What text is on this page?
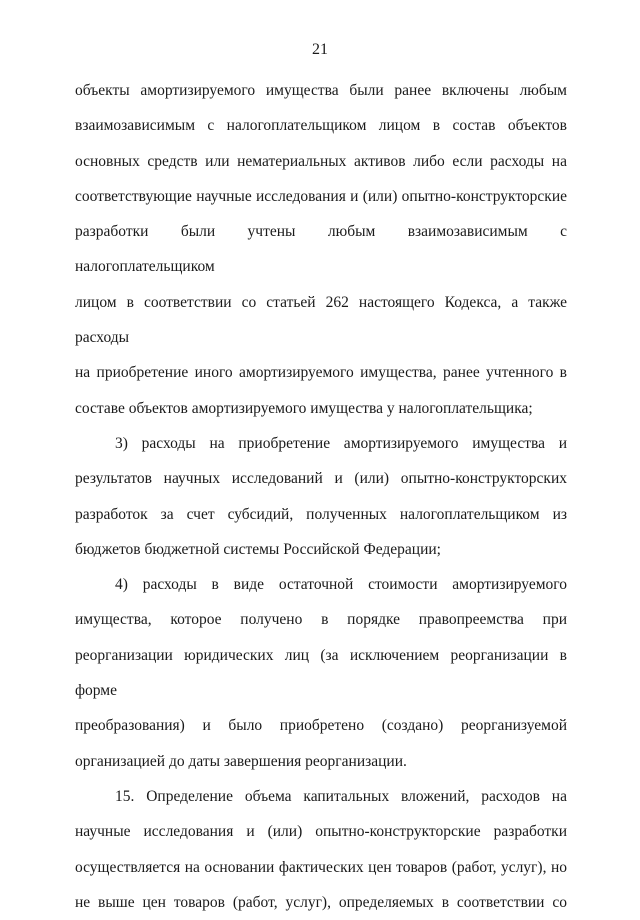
21
объекты амортизируемого имущества были ранее включены любым
взаимозависимым с налогоплательщиком лицом в состав объектов
основных средств или нематериальных активов либо если расходы на
соответствующие научные исследования и (или) опытно-конструкторские
разработки были учтены любым взаимозависимым с налогоплательщиком
лицом в соответствии со статьей 262 настоящего Кодекса, а также расходы
на приобретение иного амортизируемого имущества, ранее учтенного в
составе объектов амортизируемого имущества у налогоплательщика;
3) расходы на приобретение амортизируемого имущества и
результатов научных исследований и (или) опытно-конструкторских
разработок за счет субсидий, полученных налогоплательщиком из
бюджетов бюджетной системы Российской Федерации;
4) расходы в виде остаточной стоимости амортизируемого
имущества, которое получено в порядке правопреемства при
реорганизации юридических лиц (за исключением реорганизации в форме
преобразования) и было приобретено (создано) реорганизуемой
организацией до даты завершения реорганизации.
15. Определение объема капитальных вложений, расходов на
научные исследования и (или) опытно-конструкторские разработки
осуществляется на основании фактических цен товаров (работ, услуг), но
не выше цен товаров (работ, услуг), определяемых в соответствии со
